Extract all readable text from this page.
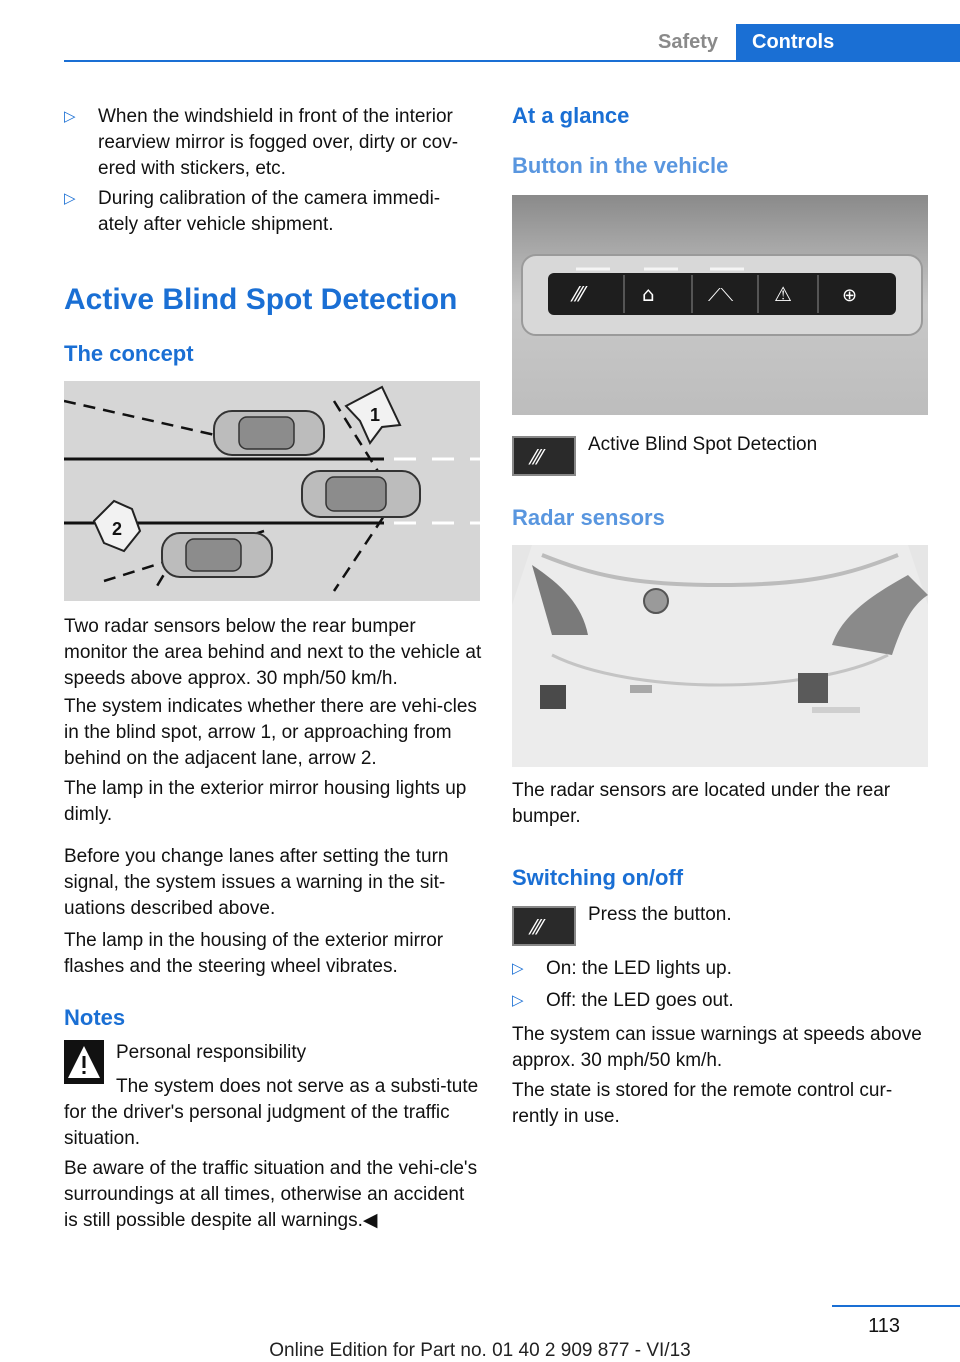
Safety	Controls
▷ When the windshield in front of the interior rearview mirror is fogged over, dirty or cov-ered with stickers, etc.
▷ During calibration of the camera immedi-ately after vehicle shipment.
Active Blind Spot Detection
The concept
1
2
Two radar sensors below the rear bumper monitor the area behind and next to the vehicle at speeds above approx. 30 mph/50 km/h.
The system indicates whether there are vehi-cles in the blind spot, arrow 1, or approaching from behind on the adjacent lane, arrow 2.
The lamp in the exterior mirror housing lights up dimly.
Before you change lanes after setting the turn signal, the system issues a warning in the sit-uations described above.
The lamp in the housing of the exterior mirror flashes and the steering wheel vibrates.
Notes
Personal responsibility
The system does not serve as a substi-tute for the driver's personal judgment of the traffic situation.
Be aware of the traffic situation and the vehi-cle's surroundings at all times, otherwise an accident is still possible despite all warnings.◀
At a glance
Button in the vehicle
⁄⁄⁄	⌂	⟋⟍ ⚠	⊕
⁄⁄⁄
Active Blind Spot Detection
Radar sensors
The radar sensors are located under the rear bumper.
Switching on/off
⁄⁄⁄
Press the button.
▷ On: the LED lights up.
▷ Off: the LED goes out.
The system can issue warnings at speeds above approx. 30 mph/50 km/h.
The state is stored for the remote control cur-rently in use.
113
Online Edition for Part no. 01 40 2 909 877 - VI/13
